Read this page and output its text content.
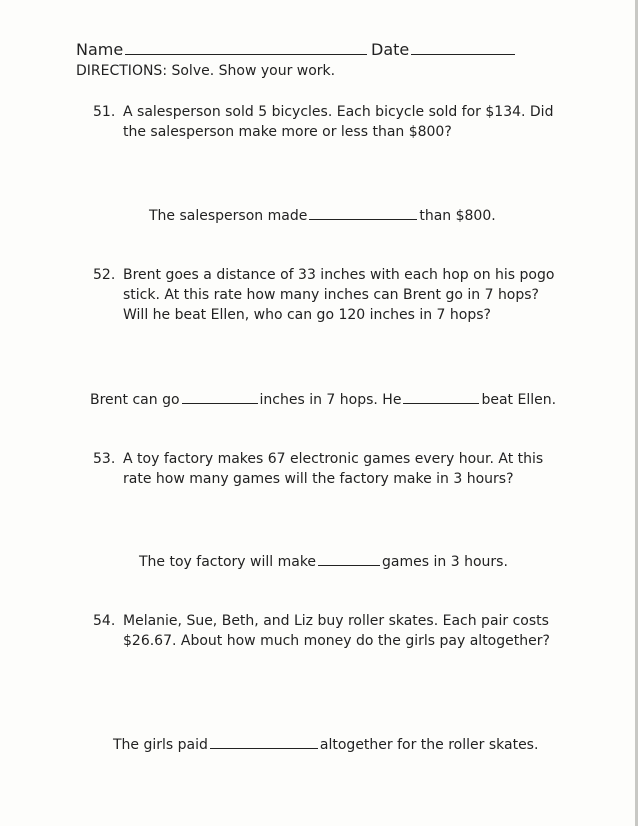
Name	Date
DIRECTIONS: Solve. Show your work.
51. A salesperson sold 5 bicycles. Each bicycle sold for $134. Did
the salesperson make more or less than $800?
The salesperson made	than $800.
52. Brent goes a distance of 33 inches with each hop on his pogo
stick. At this rate how many inches can Brent go in 7 hops?
Will he beat Ellen, who can go 120 inches in 7 hops?
Brent can go	inches in 7 hops. He	beat Ellen.
53. A toy factory makes 67 electronic games every hour. At this
rate how many games will the factory make in 3 hours?
The toy factory will make	games in 3 hours.
54. Melanie, Sue, Beth, and Liz buy roller skates. Each pair costs
$26.67. About how much money do the girls pay altogether?
The girls paid	altogether for the roller skates.
